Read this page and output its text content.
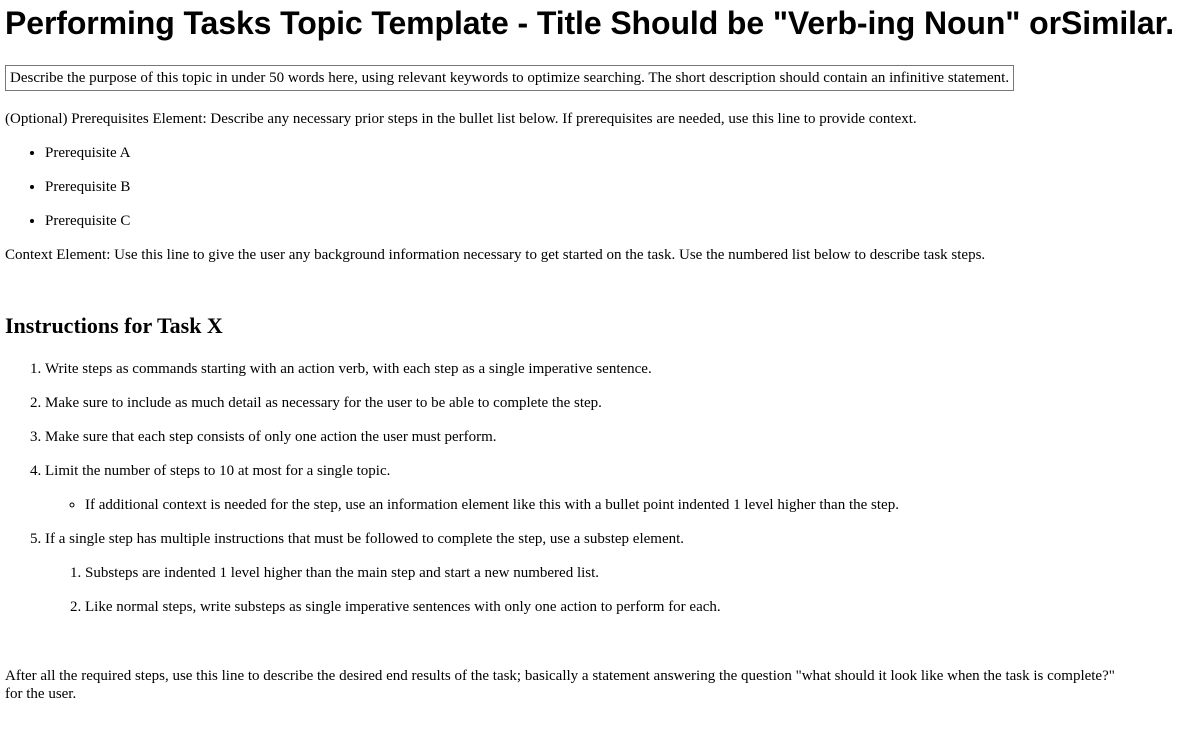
Performing Tasks Topic Template - Title Should be "Verb-ing Noun" orSimilar.
Describe the purpose of this topic in under 50 words here, using relevant keywords to optimize searching. The short description should contain an infinitive statement.

(Optional) Prerequisites Element: Describe any necessary prior steps in the bullet list below. If prerequisites are needed, use this line to provide context.

• Prerequisite A
• Prerequisite B
• Prerequisite C

Context Element: Use this line to give the user any background information necessary to get started on the task. Use the numbered list below to describe task steps.

Instructions for Task X
1. Write steps as commands starting with an action verb, with each step as a single imperative sentence.
2. Make sure to include as much detail as necessary for the user to be able to complete the step.
3. Make sure that each step consists of only one action the user must perform.
4. Limit the number of steps to 10 at most for a single topic.
◦ If additional context is needed for the step, use an information element like this with a bullet point indented 1 level higher than the step.
5. If a single step has multiple instructions that must be followed to complete the step, use a substep element.
1. Substeps are indented 1 level higher than the main step and start a new numbered list.
2. Like normal steps, write substeps as single imperative sentences with only one action to perform for each.

After all the required steps, use this line to describe the desired end results of the task; basically a statement answering the question "what should it look like when the task is complete?" for the user.
